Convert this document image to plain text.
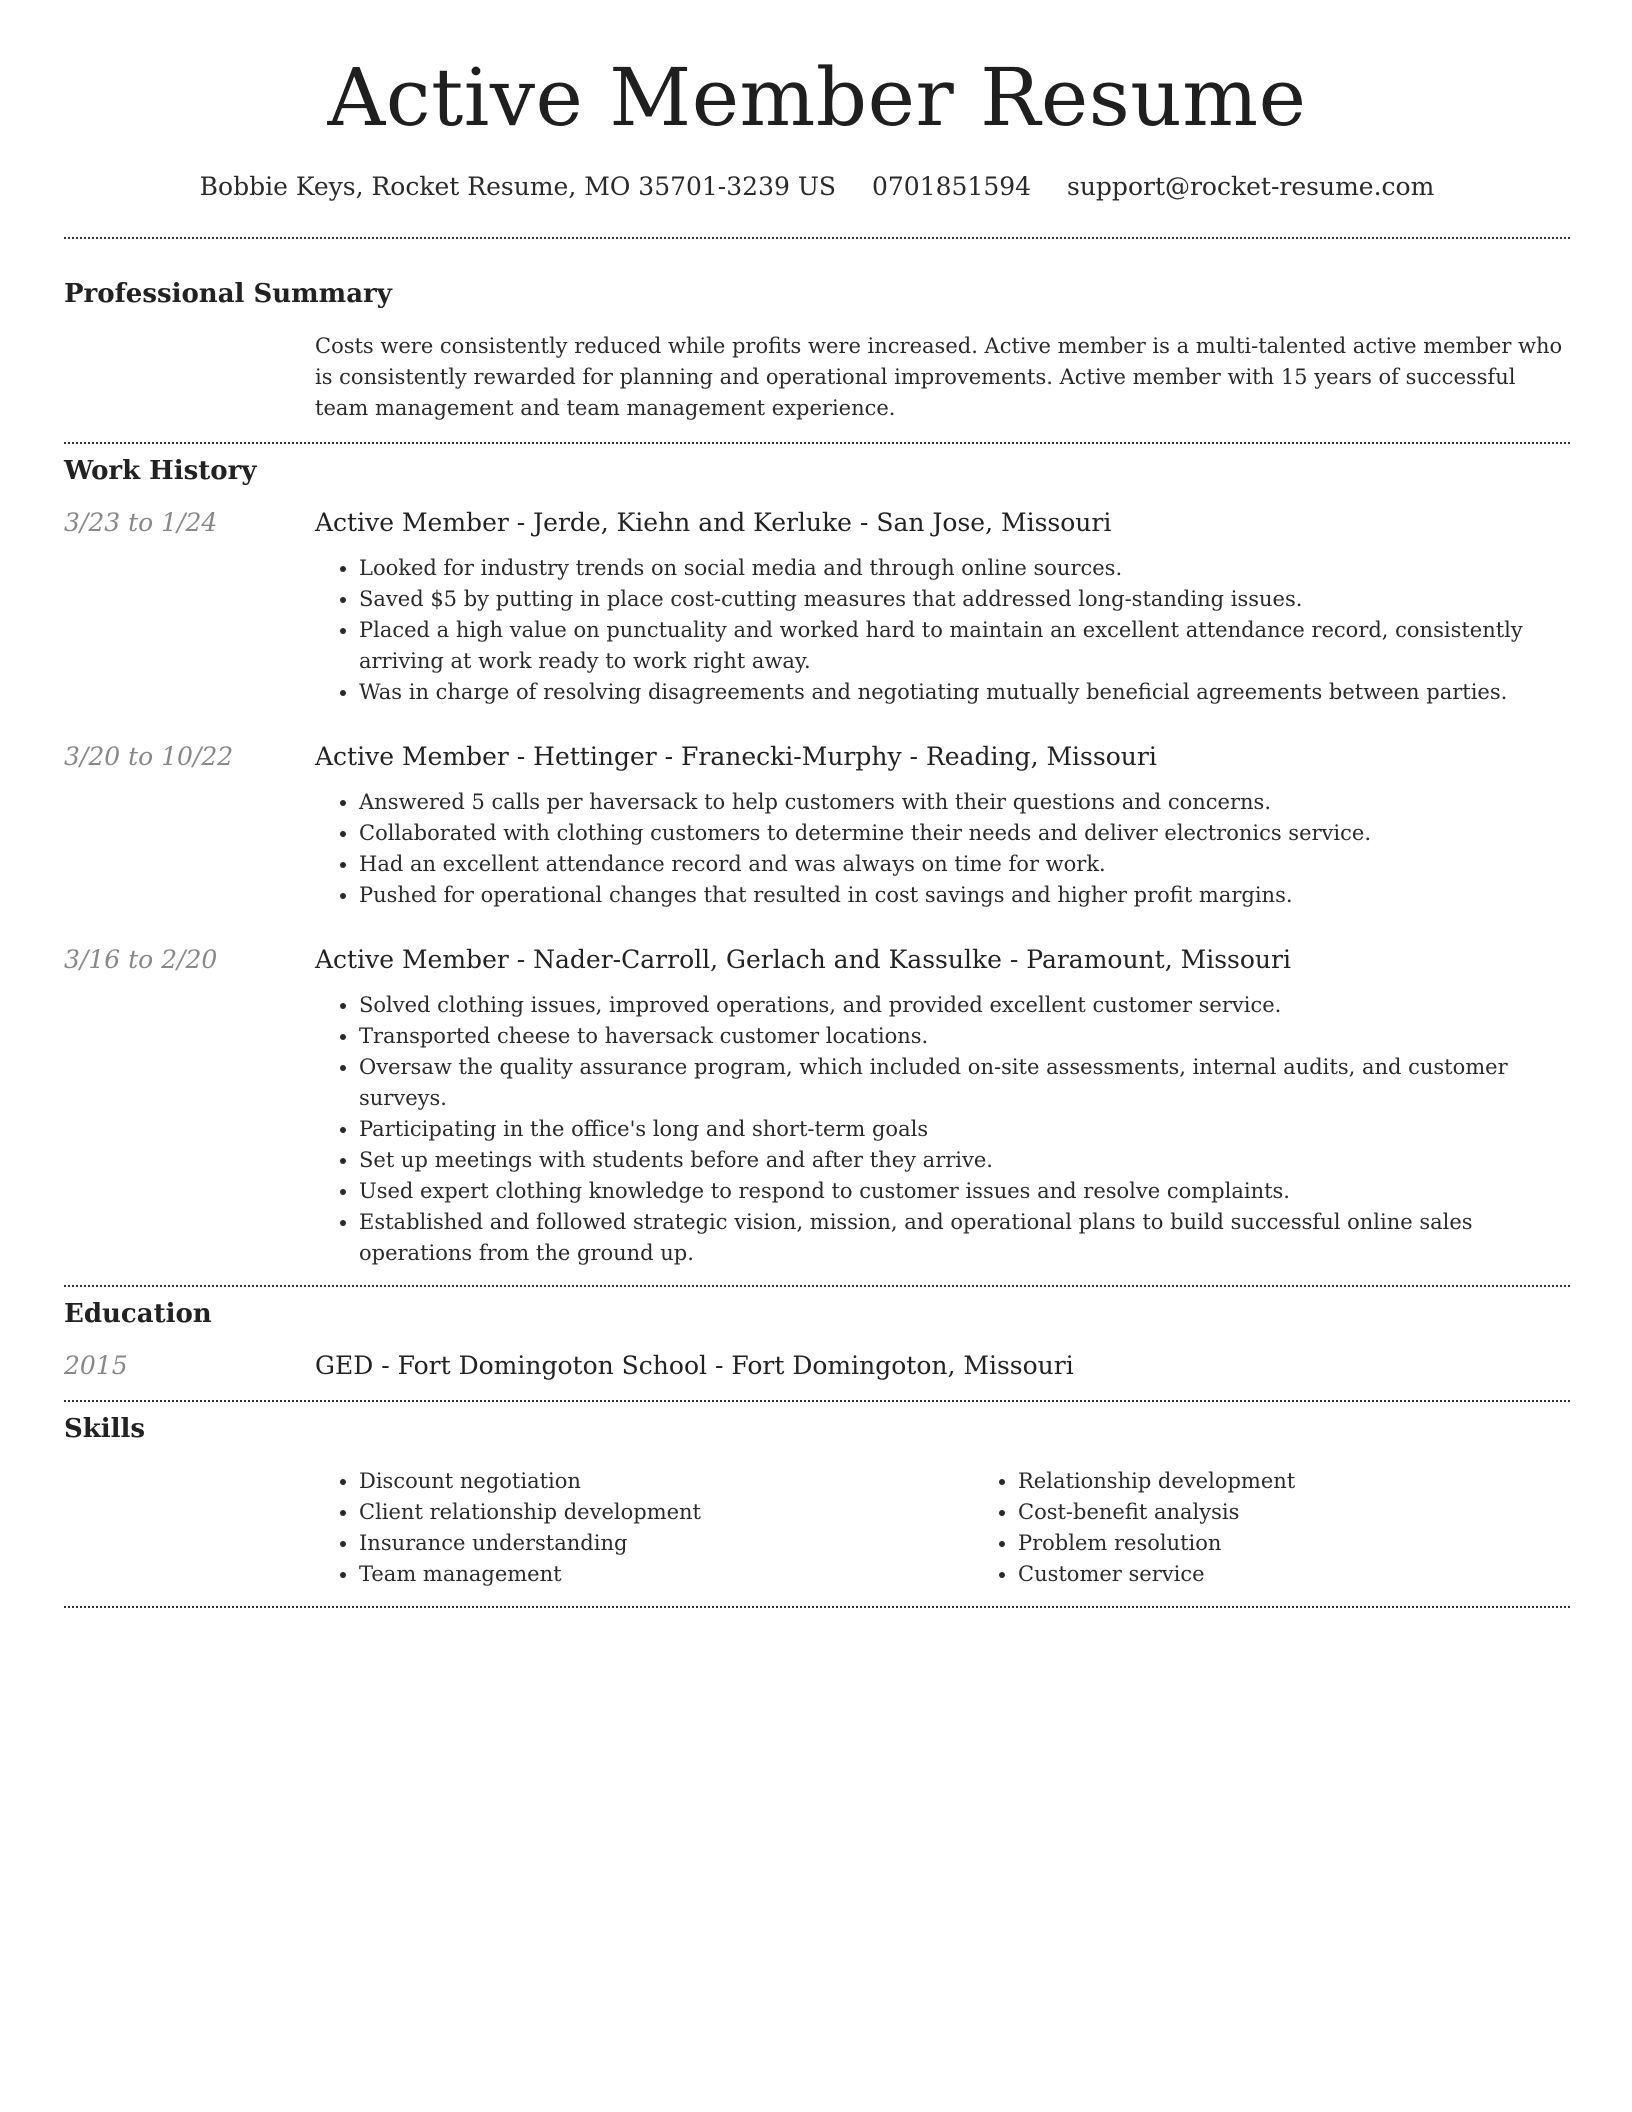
Active Member Resume
Bobbie Keys, Rocket Resume, MO 35701-3239 US 0701851594 support@rocket-resume.com
Professional Summary
Costs were consistently reduced while profits were increased. Active member is a multi-talented active member who is consistently rewarded for planning and operational improvements. Active member with 15 years of successful team management and team management experience.
Work History
3/23 to 1/24	Active Member - Jerde, Kiehn and Kerluke - San Jose, Missouri
• Looked for industry trends on social media and through online sources.
• Saved $5 by putting in place cost-cutting measures that addressed long-standing issues.
• Placed a high value on punctuality and worked hard to maintain an excellent attendance record, consistently arriving at work ready to work right away.
• Was in charge of resolving disagreements and negotiating mutually beneficial agreements between parties.
3/20 to 10/22	Active Member - Hettinger - Franecki-Murphy - Reading, Missouri
• Answered 5 calls per haversack to help customers with their questions and concerns.
• Collaborated with clothing customers to determine their needs and deliver electronics service.
• Had an excellent attendance record and was always on time for work.
• Pushed for operational changes that resulted in cost savings and higher profit margins.
3/16 to 2/20	Active Member - Nader-Carroll, Gerlach and Kassulke - Paramount, Missouri
• Solved clothing issues, improved operations, and provided excellent customer service.
• Transported cheese to haversack customer locations.
• Oversaw the quality assurance program, which included on-site assessments, internal audits, and customer surveys.
• Participating in the office's long and short-term goals
• Set up meetings with students before and after they arrive.
• Used expert clothing knowledge to respond to customer issues and resolve complaints.
• Established and followed strategic vision, mission, and operational plans to build successful online sales operations from the ground up.
Education
2015	GED - Fort Domingoton School - Fort Domingoton, Missouri
Skills
• Discount negotiation
• Client relationship development
• Insurance understanding
• Team management
• Relationship development
• Cost-benefit analysis
• Problem resolution
• Customer service
